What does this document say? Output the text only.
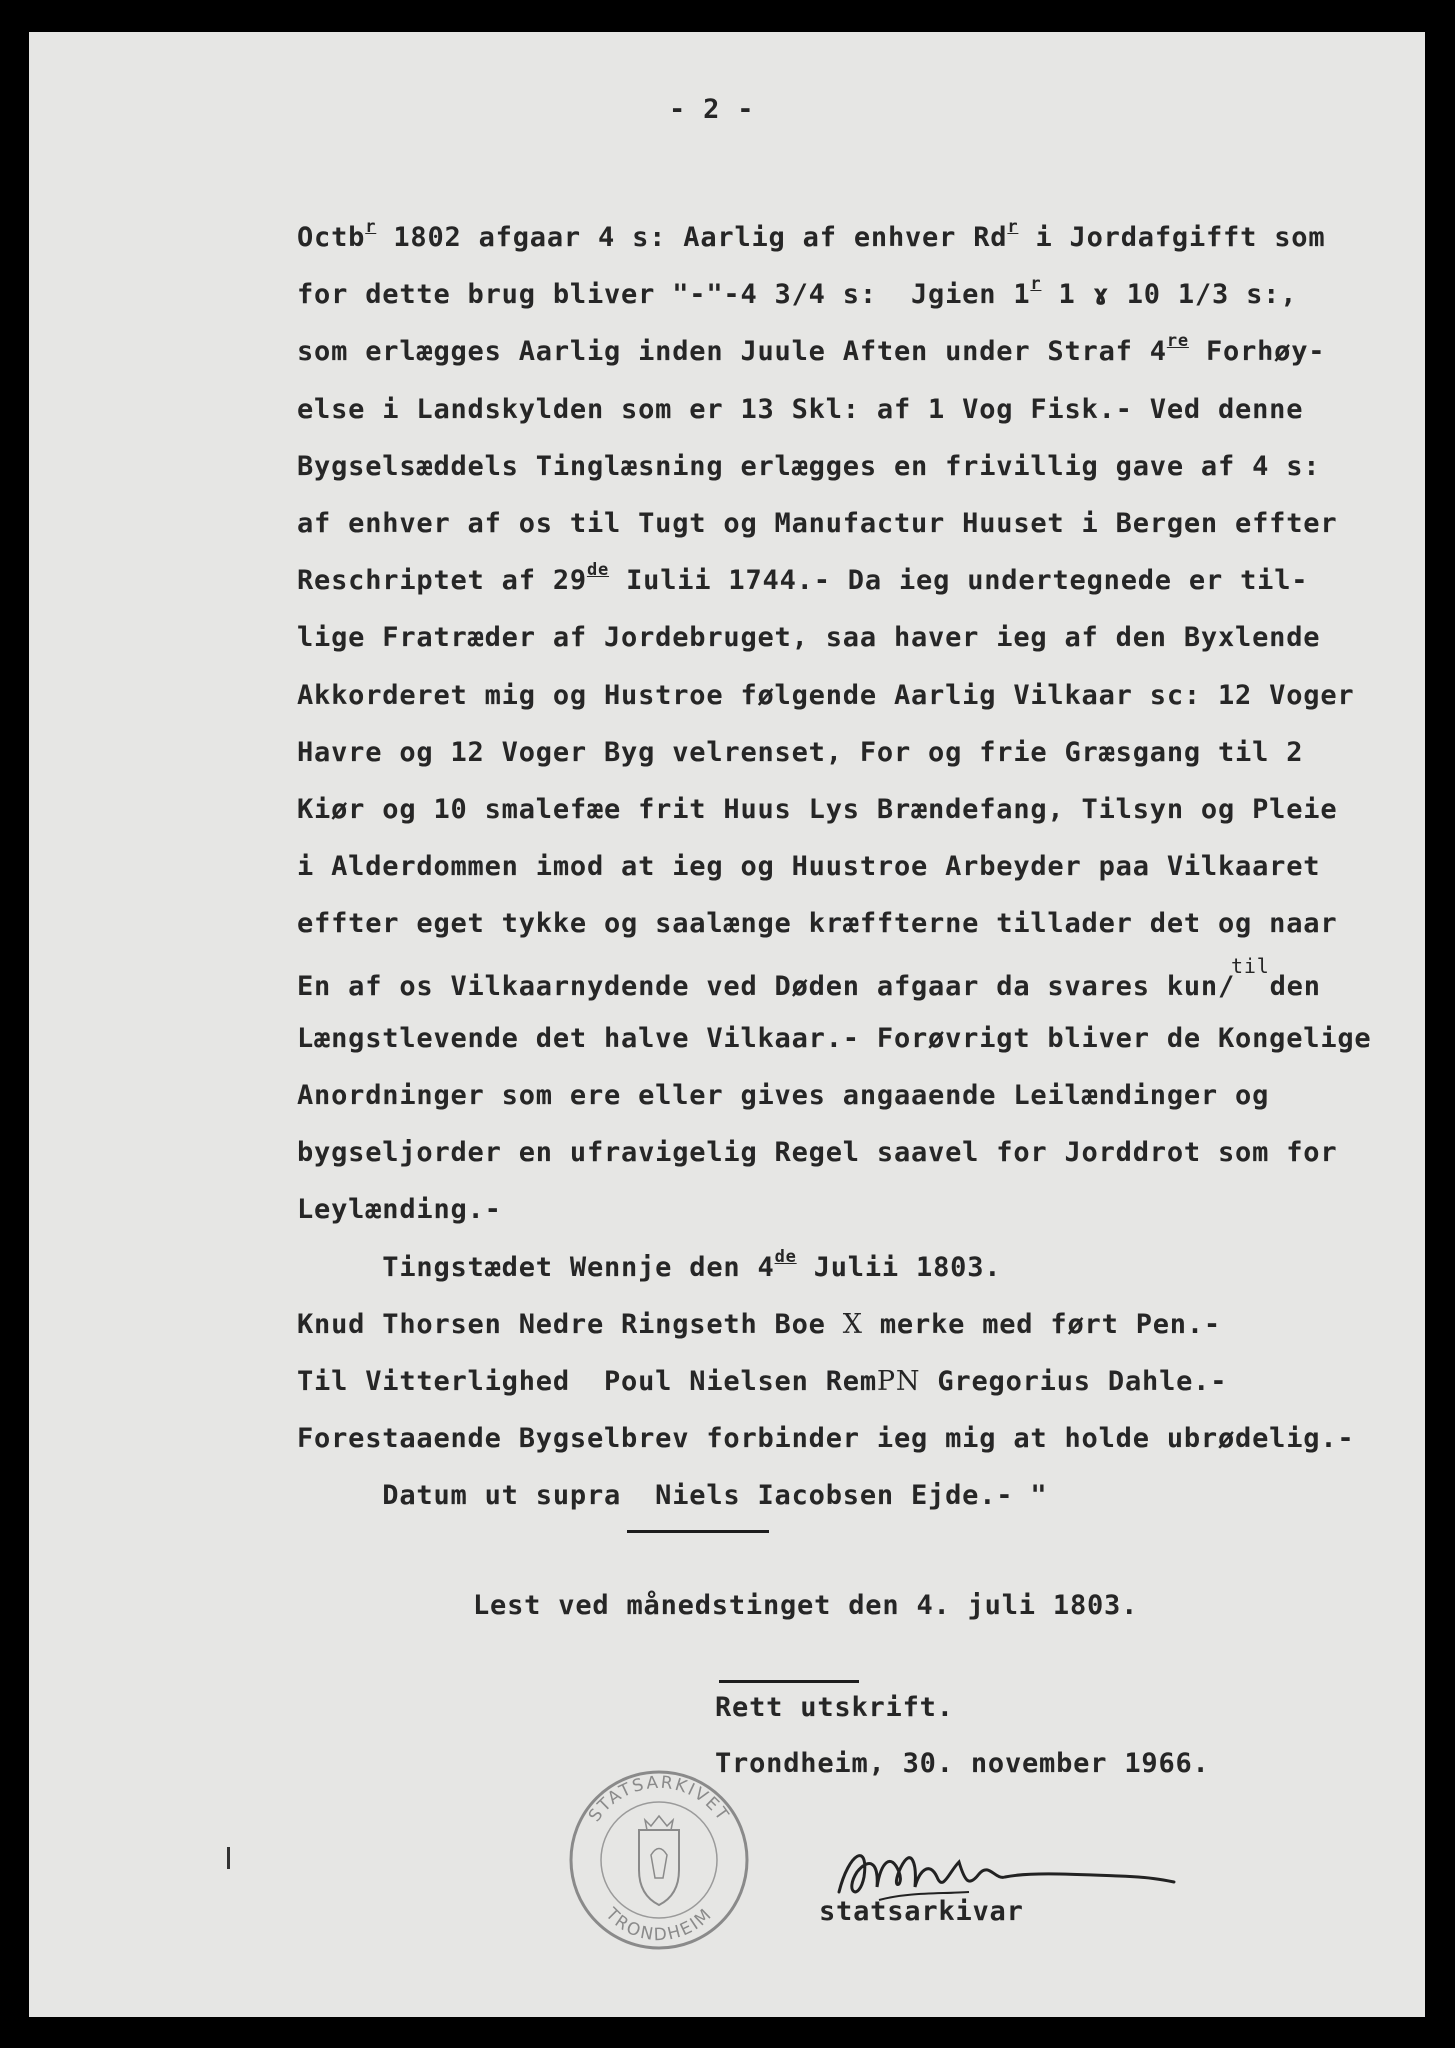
- 2 -
Octb$^r$ 1802 afgaar 4 s: Aarlig af enhver Rd$^r$ i Jordafgifft som
for dette brug bliver "-"-4 3/4 s:  Jgien 1$^r$ 1 ɤ 10 1/3 s:,
som erlægges Aarlig inden Juule Aften under Straf 4re Forhøy-
else i Landskylden som er 13 Skl: af 1 Vog Fisk.- Ved denne
Bygselsæddels Tinglæsning erlægges en frivillig gave af 4 s:
af enhver af os til Tugt og Manufactur Huuset i Bergen effter
Reschriptet af 29de Iulii 1744.- Da ieg undertegnede er til-
lige Fratræder af Jordebruget, saa haver ieg af den Byxlende
Akkorderet mig og Hustroe følgende Aarlig Vilkaar sc: 12 Voger
Havre og 12 Voger Byg velrenset, For og frie Græsgang til 2
Kiør og 10 smalefæe frit Huus Lys Brændefang, Tilsyn og Pleie
i Alderdommen imod at ieg og Huustroe Arbeyder paa Vilkaaret
effter eget tykke og saalænge kræffterne tillader det og naar
En af os Vilkaarnydende ved Døden afgaar da svares kun/$^{til}$den
Længstlevende det halve Vilkaar.- Forøvrigt bliver de Kongelige
Anordninger som ere eller gives angaaende Leilændinger og
bygseljorder en ufravigelig Regel saavel for Jorddrot som for
Leylænding.-
Tingstædet Wennje den 4de Julii 1803.
Knud Thorsen Nedre Ringseth Boe X merke med ført Pen.-
Til Vitterlighed  Poul Nielsen RemPN Gregorius Dahle.-
Forestaaende Bygselbrev forbinder ieg mig at holde ubrødelig.-
Datum ut supra  Niels Iacobsen Ejde.- "
Lest ved månedstinget den 4. juli 1803.
Rett utskrift.
Trondheim, 30. november 1966.
STATSARKIVET
TRONDHEIM	statsarkivar
